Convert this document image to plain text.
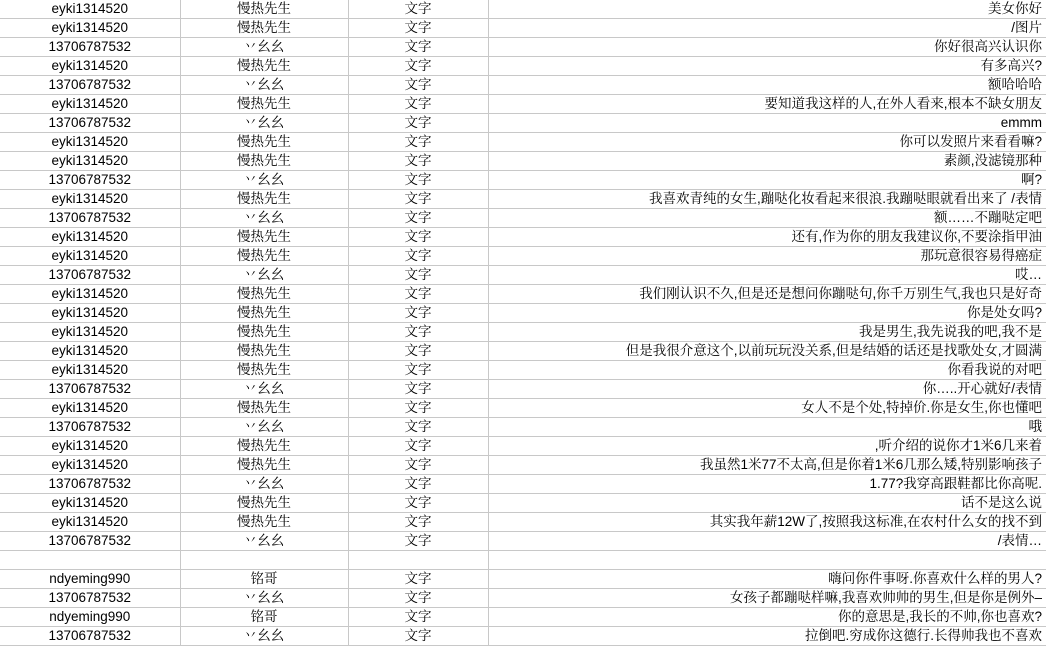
eyki1314520	慢热先生	文字	美女你好
eyki1314520	慢热先生	文字	/图片
13706787532	丷幺幺	文字	你好很高兴认识你
eyki1314520	慢热先生	文字	有多高兴?
13706787532	丷幺幺	文字	额哈哈哈
eyki1314520	慢热先生	文字	要知道我这样的人,在外人看来,根本不缺女朋友
13706787532	丷幺幺	文字	emmm
eyki1314520	慢热先生	文字	你可以发照片来看看嘛?
eyki1314520	慢热先生	文字	素颜,没滤镜那种
13706787532	丷幺幺	文字	啊?
eyki1314520	慢热先生	文字	我喜欢青纯的女生,蹦哒化妆看起来很浪.我蹦哒眼就看出来了 /表情
13706787532	丷幺幺	文字	额……不蹦哒定吧
eyki1314520	慢热先生	文字	还有,作为你的朋友我建议你,不要涂指甲油
eyki1314520	慢热先生	文字	那玩意很容易得癌症
13706787532	丷幺幺	文字	哎…
eyki1314520	慢热先生	文字	我们刚认识不久,但是还是想问你蹦哒句,你千万别生气,我也只是好奇
eyki1314520	慢热先生	文字	你是处女吗?
eyki1314520	慢热先生	文字	我是男生,我先说我的吧,我不是
eyki1314520	慢热先生	文字	但是我很介意这个,以前玩玩没关系,但是结婚的话还是找歌处女,才圆满
eyki1314520	慢热先生	文字	你看我说的对吧
13706787532	丷幺幺	文字	你…..开心就好/表情
eyki1314520	慢热先生	文字	女人不是个处,特掉价.你是女生,你也懂吧
13706787532	丷幺幺	文字	哦
eyki1314520	慢热先生	文字	,听介绍的说你才1米6几来着
eyki1314520	慢热先生	文字	我虽然1米77不太高,但是你着1米6几那么矮,特别影响孩子
13706787532	丷幺幺	文字	1.77?我穿高跟鞋都比你高呢.
eyki1314520	慢热先生	文字	话不是这么说
eyki1314520	慢热先生	文字	其实我年薪12W了,按照我这标准,在农村什么女的找不到
13706787532	丷幺幺	文字	/表情…

ndyeming990	铭哥	文字	嗨问你件事呀.你喜欢什么样的男人?
13706787532	丷幺幺	文字	女孩子都蹦哒样嘛,我喜欢帅帅的男生,但是你是例外–
ndyeming990	铭哥	文字	你的意思是,我长的不帅,你也喜欢?
13706787532	丷幺幺	文字	拉倒吧.穷成你这德行.长得帅我也不喜欢
